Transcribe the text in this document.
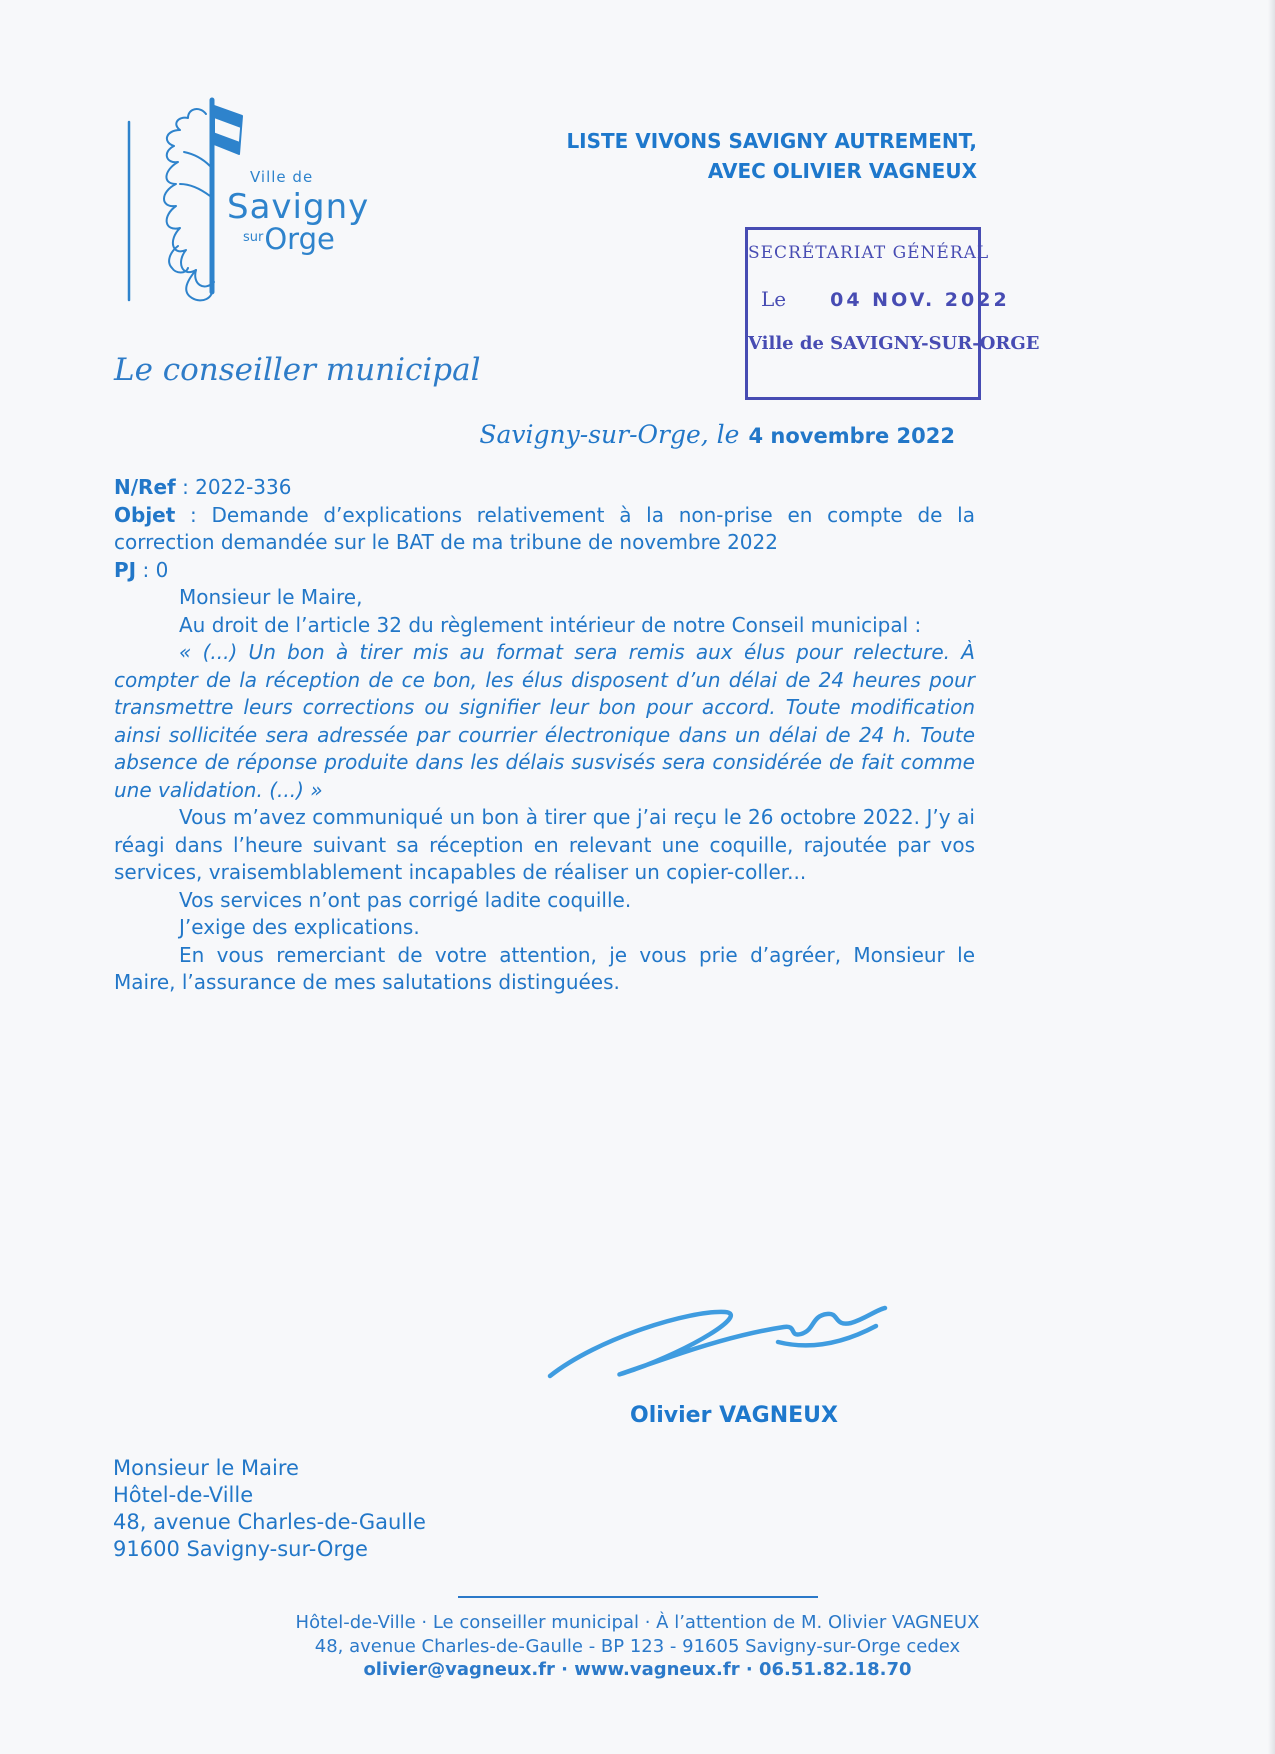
Ville de
Savigny
$^{sur}$Orge
LISTE VIVONS SAVIGNY AUTREMENT,
AVEC OLIVIER VAGNEUX
SECRÉTARIAT GÉNÉRAL
Le 04 NOV. 2022
Ville de SAVIGNY-SUR-ORGE
Le conseiller municipal
Savigny-sur-Orge, le 4 novembre 2022

N/Ref : 2022-336

Objet : Demande d’explications relativement à la non-prise en compte de la correction demandée sur le BAT de ma tribune de novembre 2022

PJ : 0

Monsieur le Maire,

Au droit de l’article 32 du règlement intérieur de notre Conseil municipal :

« (...) Un bon à tirer mis au format sera remis aux élus pour relecture. À compter de la réception de ce bon, les élus disposent d’un délai de 24 heures pour transmettre leurs corrections ou signifier leur bon pour accord. Toute modification ainsi sollicitée sera adressée par courrier électronique dans un délai de 24 h. Toute absence de réponse produite dans les délais susvisés sera considérée de fait comme une validation. (...) »

Vous m’avez communiqué un bon à tirer que j’ai reçu le 26 octobre 2022. J’y ai réagi dans l’heure suivant sa réception en relevant une coquille, rajoutée par vos services, vraisemblablement incapables de réaliser un copier-coller...

Vos services n’ont pas corrigé ladite coquille.

J’exige des explications.

En vous remerciant de votre attention, je vous prie d’agréer, Monsieur le Maire, l’assurance de mes salutations distinguées.

Olivier VAGNEUX
Monsieur le Maire
Hôtel-de-Ville
48, avenue Charles-de-Gaulle
91600 Savigny-sur-Orge
Hôtel-de-Ville · Le conseiller municipal · À l’attention de M. Olivier VAGNEUX
48, avenue Charles-de-Gaulle - BP 123 - 91605 Savigny-sur-Orge cedex
olivier@vagneux.fr · www.vagneux.fr · 06.51.82.18.70
